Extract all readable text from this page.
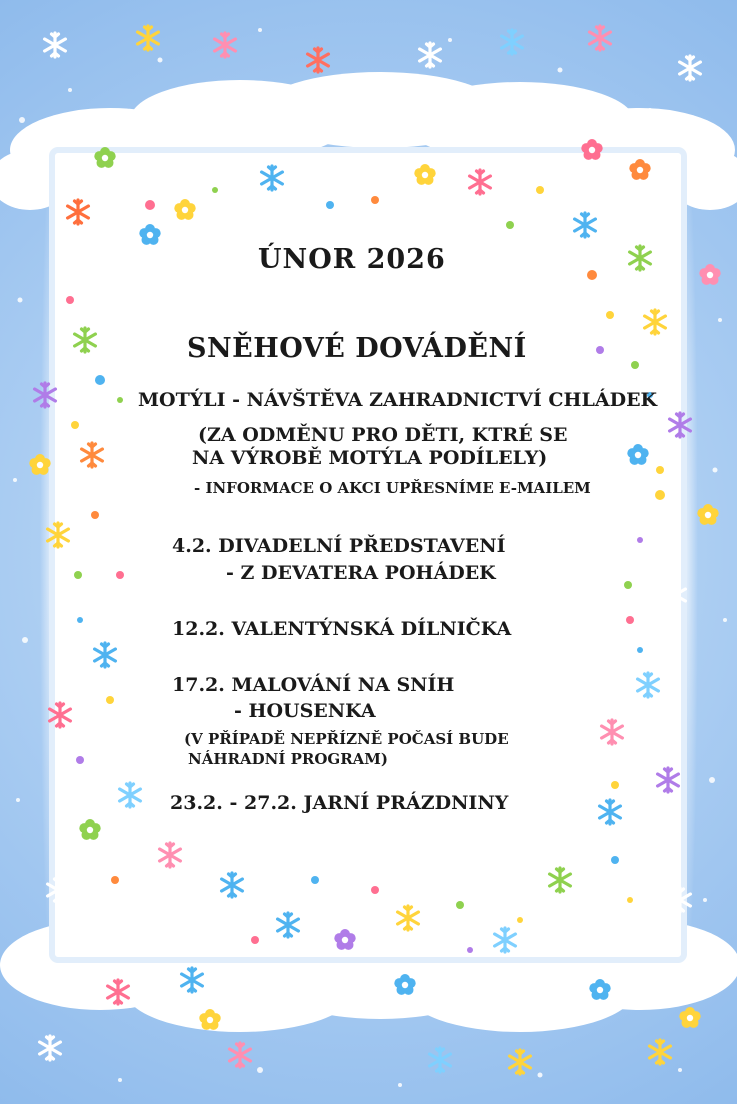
ÚNOR 2026
SNĚHOVÉ DOVÁDĚNÍ
MOTÝLI - NÁVŠTĚVA ZAHRADNICTVÍ CHLÁDEK
(ZA ODMĚNU PRO DĚTI, KTRÉ SE
NA VÝROBĚ MOTÝLA PODÍLELY)
- INFORMACE O AKCI UPŘESNÍME E-MAILEM
4.2. DIVADELNÍ PŘEDSTAVENÍ
- Z DEVATERA POHÁDEK
12.2. VALENTÝNSKÁ DÍLNIČKA
17.2. MALOVÁNÍ NA SNÍH
- HOUSENKA
(V PŘÍPADĚ NEPŘÍZNĚ POČASÍ BUDE
NÁHRADNÍ PROGRAM)
23.2. - 27.2. JARNÍ PRÁZDNINY
